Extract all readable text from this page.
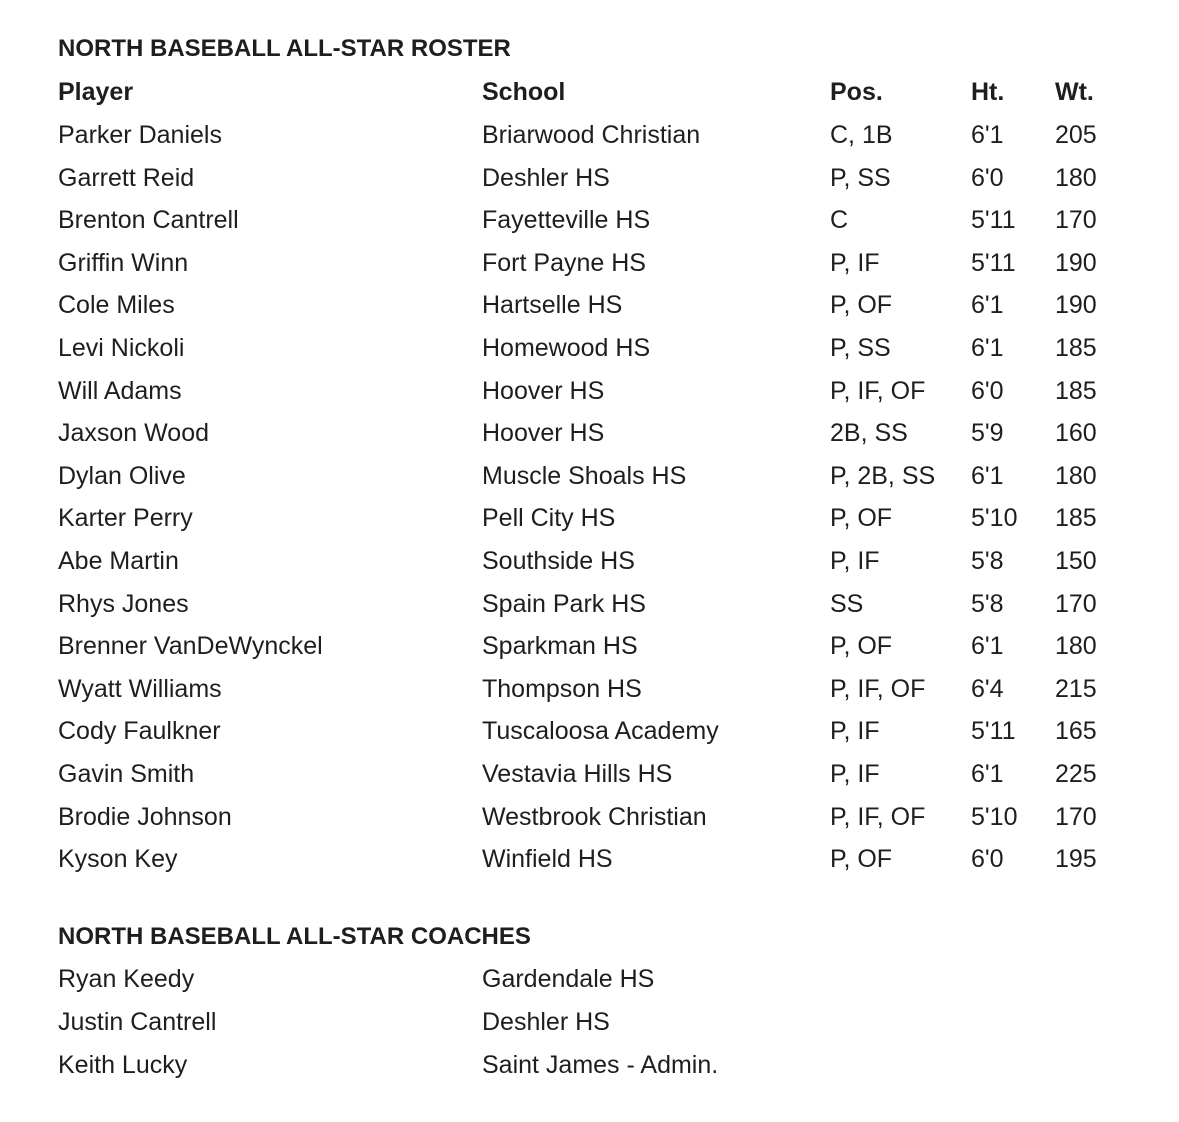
NORTH BASEBALL ALL-STAR ROSTER
Player	School	Pos.	Ht. Wt.
Parker Daniels	Briarwood Christian	C, 1B	6'1 205
Garrett Reid	Deshler HS	P, SS	6'0 180
Brenton Cantrell	Fayetteville HS	C	5'11 170
Griffin Winn	Fort Payne HS	P, IF	5'11 190
Cole Miles	Hartselle HS	P, OF	6'1 190
Levi Nickoli	Homewood HS	P, SS	6'1 185
Will Adams	Hoover HS	P, IF, OF 6'0 185
Jaxson Wood	Hoover HS	2B, SS	5'9 160
Dylan Olive	Muscle Shoals HS	P, 2B, SS 6'1 180
Karter Perry	Pell City HS	P, OF	5'10 185
Abe Martin	Southside HS	P, IF	5'8 150
Rhys Jones	Spain Park HS	SS	5'8 170
Brenner VanDeWynckel	Sparkman HS	P, OF	6'1 180
Wyatt Williams	Thompson HS	P, IF, OF 6'4 215
Cody Faulkner	Tuscaloosa Academy	P, IF	5'11 165
Gavin Smith	Vestavia Hills HS	P, IF	6'1 225
Brodie Johnson	Westbrook Christian	P, IF, OF 5'10 170
Kyson Key	Winfield HS	P, OF	6'0 195
NORTH BASEBALL ALL-STAR COACHES
Ryan Keedy	Gardendale HS
Justin Cantrell	Deshler HS
Keith Lucky	Saint James - Admin.
